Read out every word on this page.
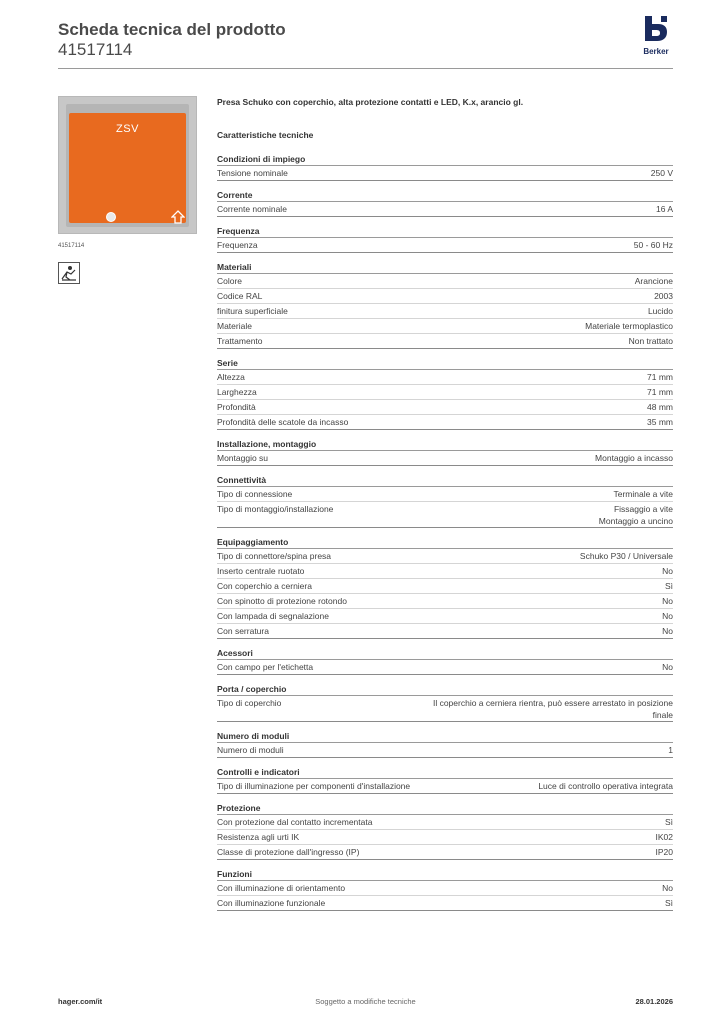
Scheda tecnica del prodotto
41517114	Berker
ZSV
41517114
Presa Schuko con coperchio, alta protezione contatti e LED, K.x, arancio gl.
Caratteristiche tecniche
Condizioni di impiego
Tensione nominale	250 V
Corrente
Corrente nominale	16 A
Frequenza
Frequenza	50 - 60 Hz
Materiali
Colore	Arancione
Codice RAL	2003
finitura superficiale	Lucido
Materiale	Materiale termoplastico
Trattamento	Non trattato
Serie
Altezza	71 mm
Larghezza	71 mm
Profondità	48 mm
Profondità delle scatole da incasso	35 mm
Installazione, montaggio
Montaggio su	Montaggio a incasso
Connettività
Tipo di connessione	Terminale a vite
Tipo di montaggio/installazione	Fissaggio a vite
Montaggio a uncino
Equipaggiamento
Tipo di connettore/spina presa	Schuko P30 / Universale
Inserto centrale ruotato	No
Con coperchio a cerniera	Sì
Con spinotto di protezione rotondo	No
Con lampada di segnalazione	No
Con serratura	No
Acessori
Con campo per l'etichetta	No
Porta / coperchio
Tipo di coperchio	Il coperchio a cerniera rientra, può essere arrestato in posizione finale
Numero di moduli
Numero di moduli	1
Controlli e indicatori
Tipo di illuminazione per componenti d'installazione	Luce di controllo operativa integrata
Protezione
Con protezione dal contatto incrementata	Sì
Resistenza agli urti IK	IK02
Classe di protezione dall'ingresso (IP)	IP20
Funzioni
Con illuminazione di orientamento	No
Con illuminazione funzionale	Sì
hager.com/it	Soggetto a modifiche tecniche	28.01.2026
